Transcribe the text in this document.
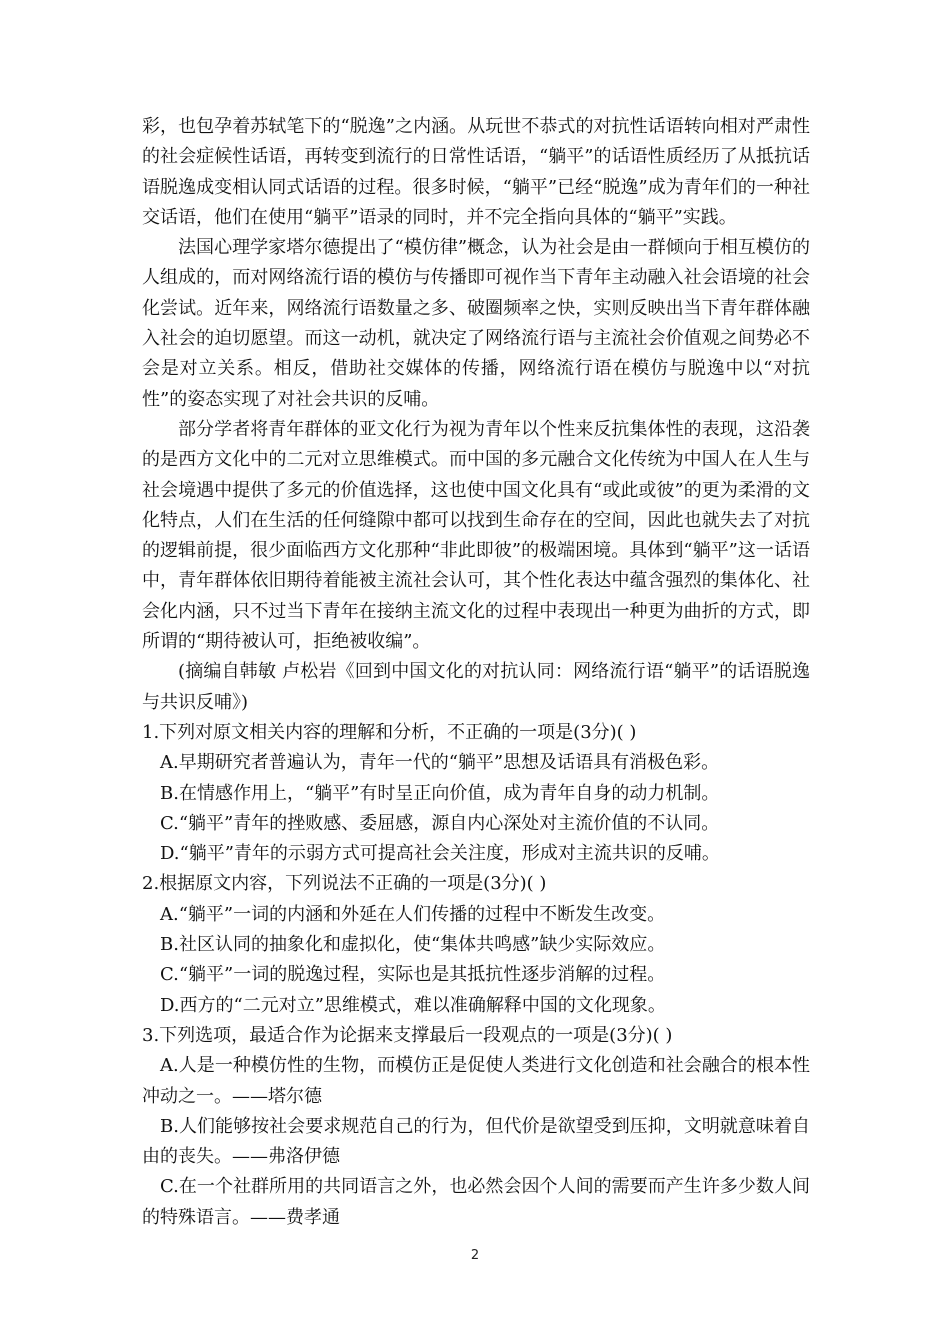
彩，也包孕着苏轼笔下的“脱逸”之内涵。从玩世不恭式的对抗性话语转向相对严肃性的社会症候性话语，再转变到流行的日常性话语，“躺平”的话语性质经历了从抵抗话语脱逸成变相认同式话语的过程。很多时候，“躺平”已经“脱逸”成为青年们的一种社交话语，他们在使用“躺平”语录的同时，并不完全指向具体的“躺平”实践。

法国心理学家塔尔德提出了“模仿律”概念，认为社会是由一群倾向于相互模仿的人组成的，而对网络流行语的模仿与传播即可视作当下青年主动融入社会语境的社会化尝试。近年来，网络流行语数量之多、破圈频率之快，实则反映出当下青年群体融入社会的迫切愿望。而这一动机，就决定了网络流行语与主流社会价值观之间势必不会是对立关系。相反，借助社交媒体的传播，网络流行语在模仿与脱逸中以“对抗性”的姿态实现了对社会共识的反哺。

部分学者将青年群体的亚文化行为视为青年以个性来反抗集体性的表现，这沿袭的是西方文化中的二元对立思维模式。而中国的多元融合文化传统为中国人在人生与社会境遇中提供了多元的价值选择，这也使中国文化具有“或此或彼”的更为柔滑的文化特点，人们在生活的任何缝隙中都可以找到生命存在的空间，因此也就失去了对抗的逻辑前提，很少面临西方文化那种“非此即彼”的极端困境。具体到“躺平”这一话语中，青年群体依旧期待着能被主流社会认可，其个性化表达中蕴含强烈的集体化、社会化内涵，只不过当下青年在接纳主流文化的过程中表现出一种更为曲折的方式，即所谓的“期待被认可，拒绝被收编”。

(摘编自韩敏 卢松岩《回到中国文化的对抗认同：网络流行语“躺平”的话语脱逸与共识反哺》)

1.下列对原文相关内容的理解和分析，不正确的一项是(3分)( )

A.早期研究者普遍认为，青年一代的“躺平”思想及话语具有消极色彩。

B.在情感作用上，“躺平”有时呈正向价值，成为青年自身的动力机制。

C.“躺平”青年的挫败感、委屈感，源自内心深处对主流价值的不认同。

D.“躺平”青年的示弱方式可提高社会关注度，形成对主流共识的反哺。

2.根据原文内容，下列说法不正确的一项是(3分)( )

A.“躺平”一词的内涵和外延在人们传播的过程中不断发生改变。

B.社区认同的抽象化和虚拟化，使“集体共鸣感”缺少实际效应。

C.“躺平”一词的脱逸过程，实际也是其抵抗性逐步消解的过程。

D.西方的“二元对立”思维模式，难以准确解释中国的文化现象。

3.下列选项，最适合作为论据来支撑最后一段观点的一项是(3分)( )

A.人是一种模仿性的生物，而模仿正是促使人类进行文化创造和社会融合的根本性冲动之一。——塔尔德

B.人们能够按社会要求规范自己的行为，但代价是欲望受到压抑，文明就意味着自由的丧失。——弗洛伊德

C.在一个社群所用的共同语言之外，也必然会因个人间的需要而产生许多少数人间的特殊语言。——费孝通

2
